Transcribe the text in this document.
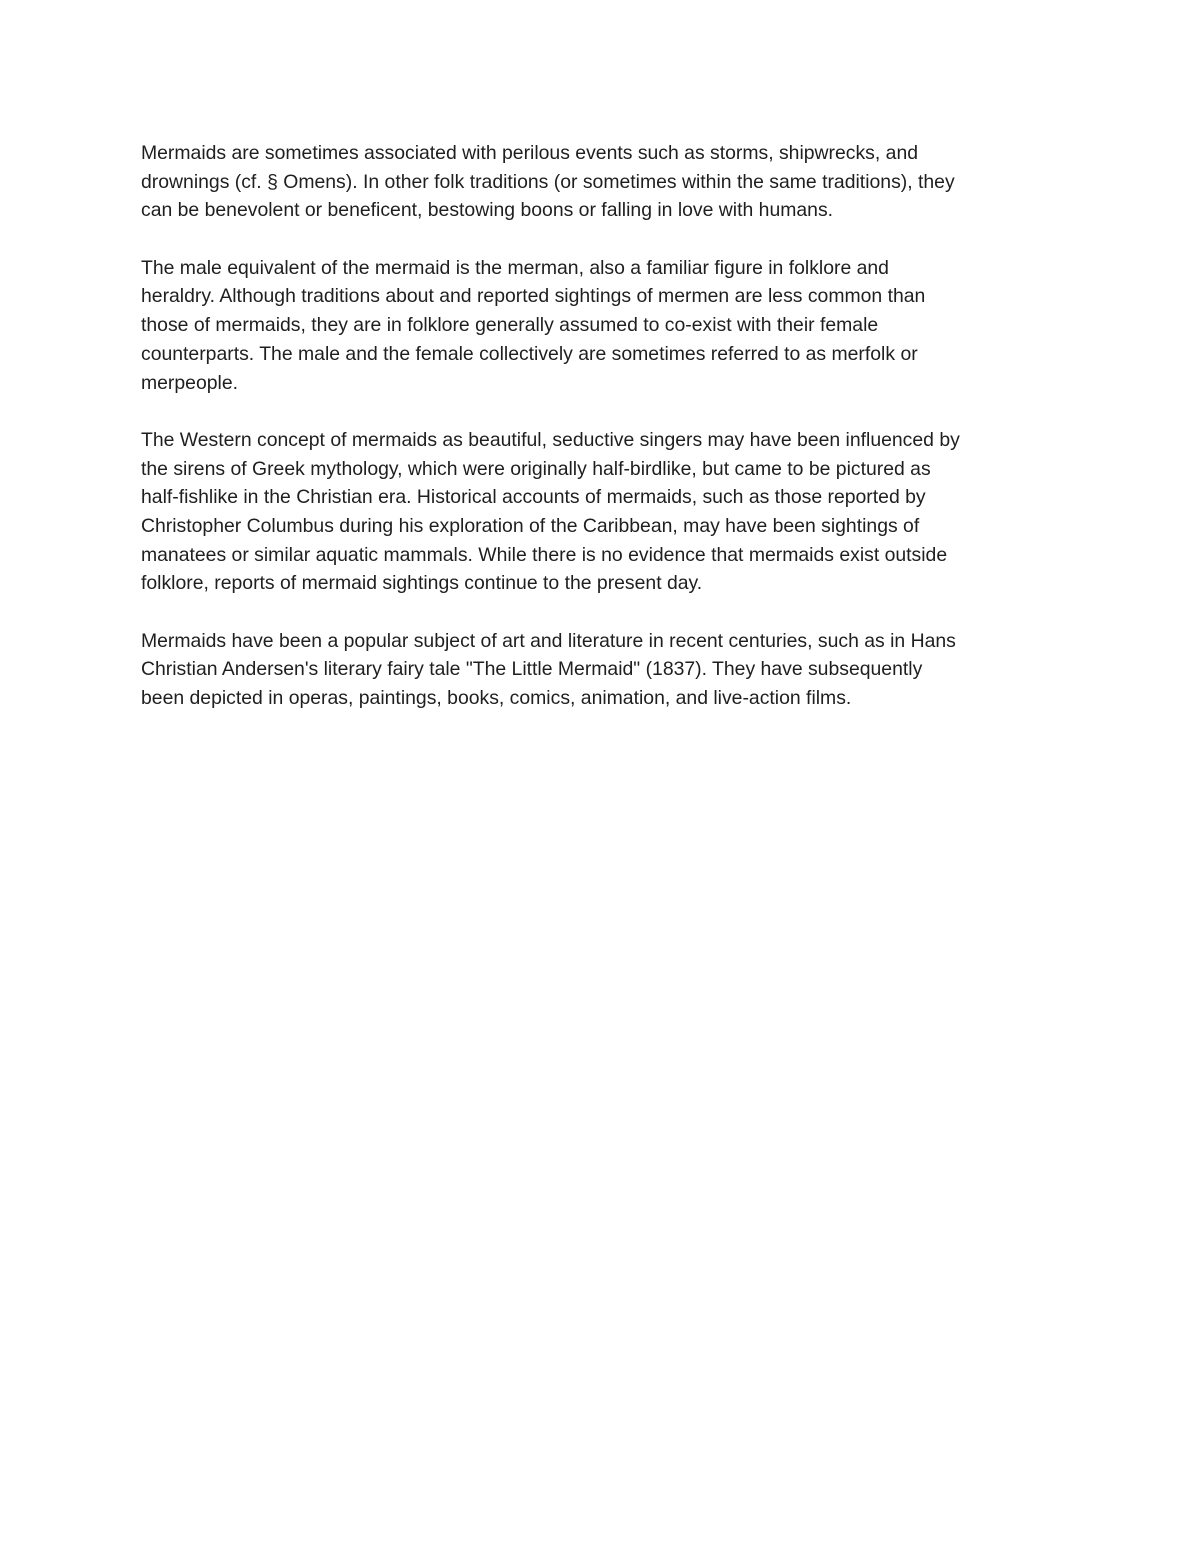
Mermaids are sometimes associated with perilous events such as storms, shipwrecks, and
drownings (cf. § Omens). In other folk traditions (or sometimes within the same traditions), they
can be benevolent or beneficent, bestowing boons or falling in love with humans.

The male equivalent of the mermaid is the merman, also a familiar figure in folklore and
heraldry. Although traditions about and reported sightings of mermen are less common than
those of mermaids, they are in folklore generally assumed to co-exist with their female
counterparts. The male and the female collectively are sometimes referred to as merfolk or
merpeople.

The Western concept of mermaids as beautiful, seductive singers may have been influenced by
the sirens of Greek mythology, which were originally half-birdlike, but came to be pictured as
half-fishlike in the Christian era. Historical accounts of mermaids, such as those reported by
Christopher Columbus during his exploration of the Caribbean, may have been sightings of
manatees or similar aquatic mammals. While there is no evidence that mermaids exist outside
folklore, reports of mermaid sightings continue to the present day.

Mermaids have been a popular subject of art and literature in recent centuries, such as in Hans
Christian Andersen's literary fairy tale "The Little Mermaid" (1837). They have subsequently
been depicted in operas, paintings, books, comics, animation, and live-action films.
